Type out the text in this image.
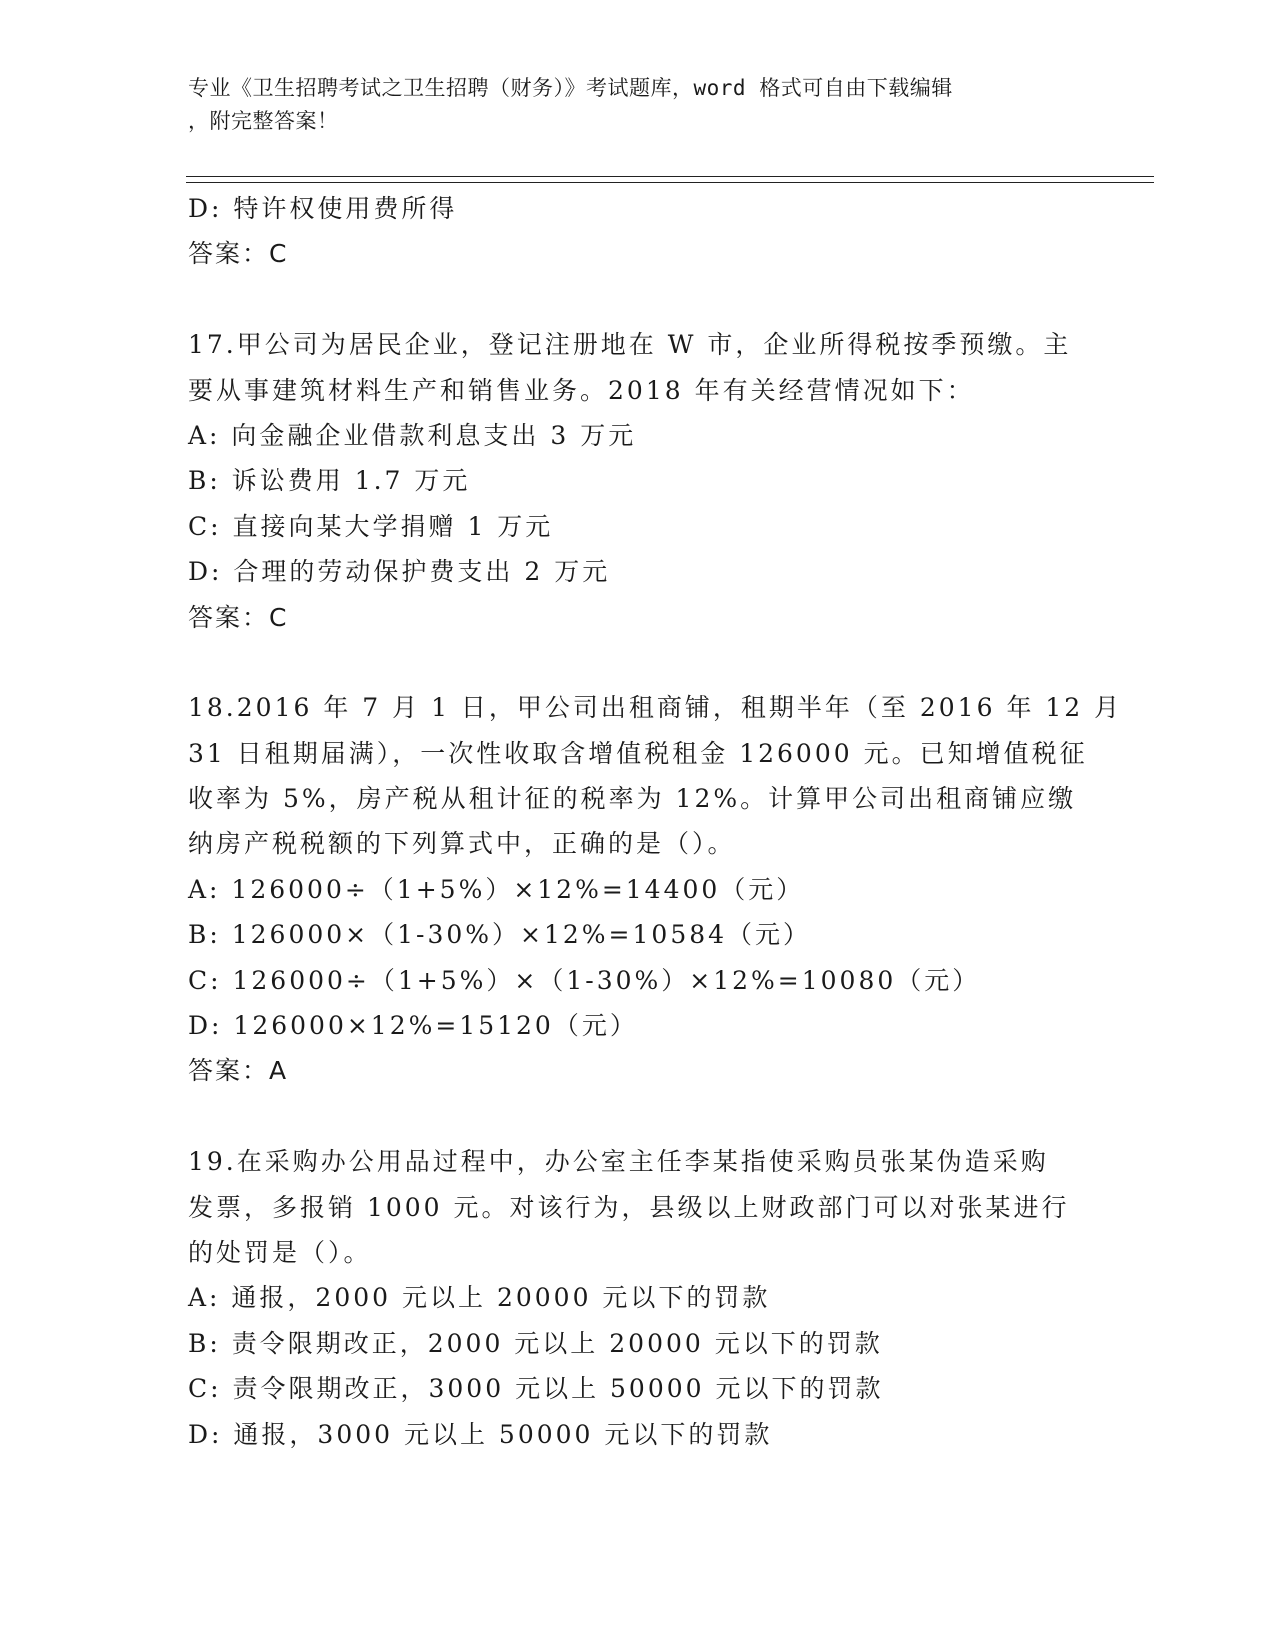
专业《卫生招聘考试之卫生招聘（财务）》考试题库，word 格式可自由下载编辑
，附完整答案！
D: 特许权使用费所得
答案：C
17.甲公司为居民企业，登记注册地在 W 市，企业所得税按季预缴。主
要从事建筑材料生产和销售业务。2018 年有关经营情况如下：
A: 向金融企业借款利息支出 3 万元
B: 诉讼费用 1.7 万元
C: 直接向某大学捐赠 1 万元
D: 合理的劳动保护费支出 2 万元
答案：C
18.2016 年 7 月 1 日，甲公司出租商铺，租期半年（至 2016 年 12 月
31 日租期届满），一次性收取含增值税租金 126000 元。已知增值税征
收率为 5%，房产税从租计征的税率为 12%。计算甲公司出租商铺应缴
纳房产税税额的下列算式中，正确的是（）。
A: 126000÷（1+5%）×12%=14400（元）
B: 126000×（1-30%）×12%=10584（元）
C: 126000÷（1+5%）×（1-30%）×12%=10080（元）
D: 126000×12%=15120（元）
答案：A
19.在采购办公用品过程中，办公室主任李某指使采购员张某伪造采购
发票，多报销 1000 元。对该行为，县级以上财政部门可以对张某进行
的处罚是（）。
A: 通报，2000 元以上 20000 元以下的罚款
B: 责令限期改正，2000 元以上 20000 元以下的罚款
C: 责令限期改正，3000 元以上 50000 元以下的罚款
D: 通报，3000 元以上 50000 元以下的罚款
